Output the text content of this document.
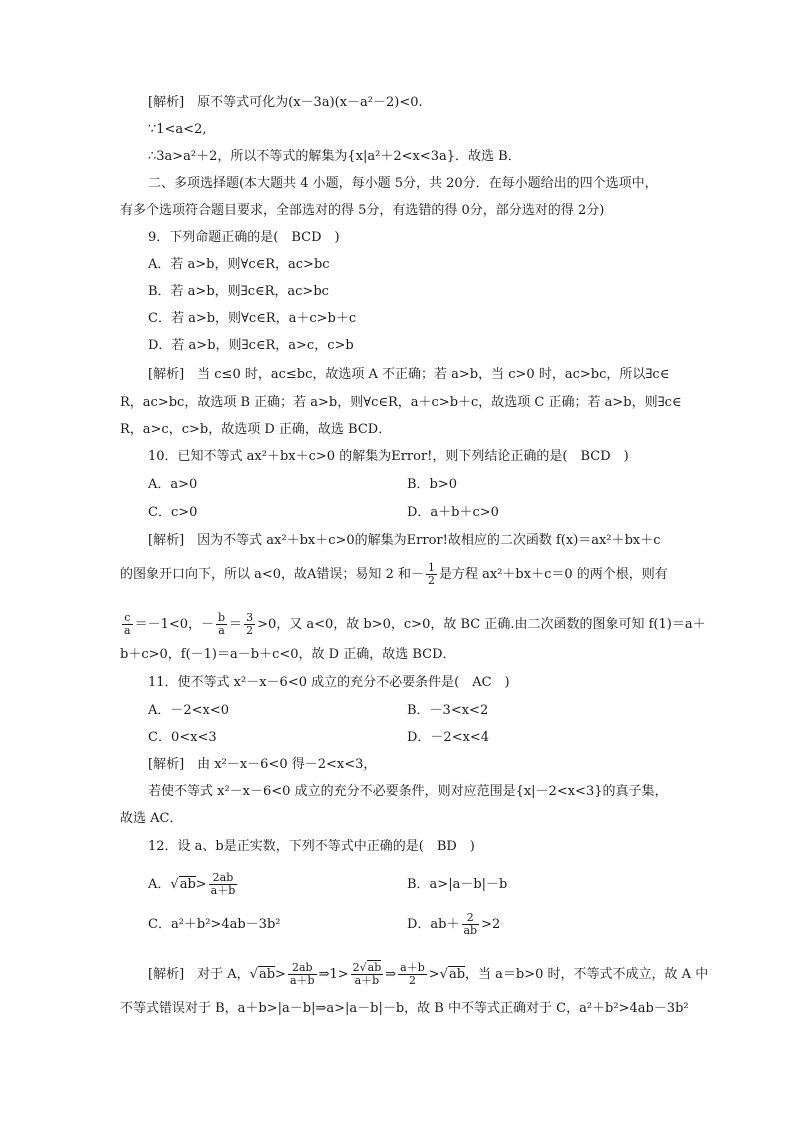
[解析]　原不等式可化为(x－3a)(x－a²－2)<0.
∵1<a<2,
∴3a>a²＋2，所以不等式的解集为{x|a²＋2<x<3a}．故选 B．
二、多项选择题(本大题共 4 小题，每小题 5分，共 20分．在每小题给出的四个选项中，
有多个选项符合题目要求，全部选对的得 5分，有选错的得 0分，部分选对的得 2分)
9．下列命题正确的是(　BCD　)
A．若 a>b，则∀c∈R，ac>bc
B．若 a>b，则∃c∈R，ac>bc
C．若 a>b，则∀c∈R，a＋c>b＋c
D．若 a>b，则∃c∈R，a>c，c>b
[解析]　当 c≤0 时，ac≤bc，故选项 A 不正确；若 a>b，当 c>0 时，ac>bc，所以∃c∈
R，ac>bc，故选项 B 正确；若 a>b，则∀c∈R，a＋c>b＋c，故选项 C 正确；若 a>b，则∃c∈
R，a>c，c>b，故选项 D 正确，故选 BCD．
10．已知不等式 ax²＋bx＋c>0 的解集为Error!，则下列结论正确的是(　BCD　)
A．a>0	B．b>0
C．c>0	D．a＋b＋c>0
[解析]　因为不等式 ax²＋bx＋c>0的解集为Error!故相应的二次函数 f(x)＝ax²＋bx＋c
的图象开口向下，所以 a<0，故A错误；易知 2 和－ $\frac{1}{2}$ 是方程 ax²＋bx＋c＝0 的两个根，则有
$\frac{c}{a} =-1<0$，－ $\frac{b}{a} = \frac{3}{2} >0$，又 a<0，故 b>0，c>0，故 BC 正确.由二次函数的图象可知 f(1)＝a＋
b＋c>0，f(－1)＝a－b＋c<0，故 D 正确，故选 BCD．
11．使不等式 x²－x－6<0 成立的充分不必要条件是(　AC　)
A．－2<x<0	B．－3<x<2
C．0<x<3	D．－2<x<4
[解析]　由 x²－x－6<0 得－2<x<3，
若使不等式 x²－x－6<0 成立的充分不必要条件，则对应范围是{x|－2<x<3}的真子集，
故选 AC．
12．设 a、b是正实数，下列不等式中正确的是(　BD　)
A．$√ab> \frac{2ab}{a+b}$	B．a>|a－b|－b
C．a²＋b²>4ab－3b²	D．$ab+ \frac{2}{ab} >2$
[解析]　对于 A，$√ab> \frac{2ab}{a+b}$ ⇒1> $\frac{2√ab}{a+b}$ ⇒ $\frac{a+b}{2} >√ab$，当 a＝b>0 时，不等式不成立，故 A 中
不等式错误对于 B，a＋b>|a－b|⇒a>|a－b|－b，故 B 中不等式正确对于 C，a²＋b²>4ab－3b²
